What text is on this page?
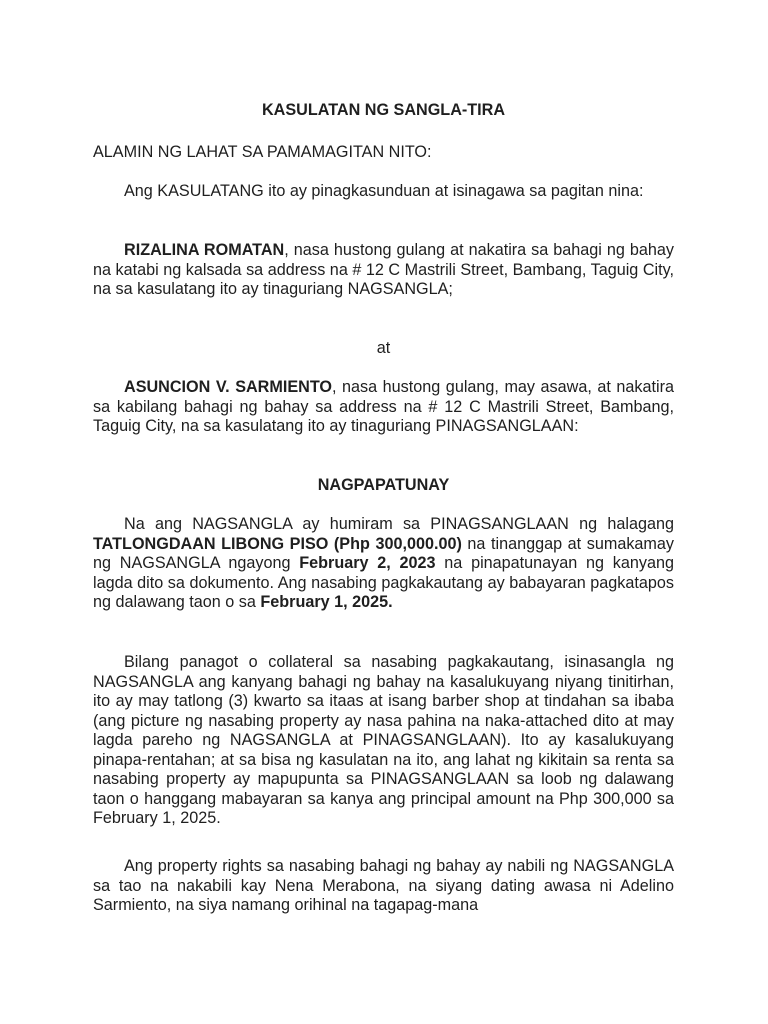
KASULATAN NG SANGLA-TIRA

ALAMIN NG LAHAT SA PAMAMAGITAN NITO:

Ang KASULATANG ito ay pinagkasunduan at isinagawa sa pagitan nina:

RIZALINA ROMATAN, nasa hustong gulang at nakatira sa bahagi ng bahay na katabi ng kalsada sa address na # 12 C Mastrili Street, Bambang, Taguig City, na sa kasulatang ito ay tinaguriang NAGSANGLA;

at

ASUNCION V. SARMIENTO, nasa hustong gulang, may asawa, at nakatira sa kabilang bahagi ng bahay sa address na # 12 C Mastrili Street, Bambang, Taguig City, na sa kasulatang ito ay tinaguriang PINAGSANGLAAN:

NAGPAPATUNAY

Na ang NAGSANGLA ay humiram sa PINAGSANGLAAN ng halagang TATLONGDAAN LIBONG PISO (Php 300,000.00) na tinanggap at sumakamay ng NAGSANGLA ngayong February 2, 2023 na pinapatunayan ng kanyang lagda dito sa dokumento. Ang nasabing pagkakautang ay babayaran pagkatapos ng dalawang taon o sa February 1, 2025.

Bilang panagot o collateral sa nasabing pagkakautang, isinasangla ng NAGSANGLA ang kanyang bahagi ng bahay na kasalukuyang niyang tinitirhan, ito ay may tatlong (3) kwarto sa itaas at isang barber shop at tindahan sa ibaba (ang picture ng nasabing property ay nasa pahina na naka-attached dito at may lagda pareho ng NAGSANGLA at PINAGSANGLAAN). Ito ay kasalukuyang pinapa-rentahan; at sa bisa ng kasulatan na ito, ang lahat ng kikitain sa renta sa nasabing property ay mapupunta sa PINAGSANGLAAN sa loob ng dalawang taon o hanggang mabayaran sa kanya ang principal amount na Php 300,000 sa February 1, 2025.

Ang property rights sa nasabing bahagi ng bahay ay nabili ng NAGSANGLA sa tao na nakabili kay Nena Merabona, na siyang dating awasa ni Adelino Sarmiento, na siya namang orihinal na tagapag-mana
